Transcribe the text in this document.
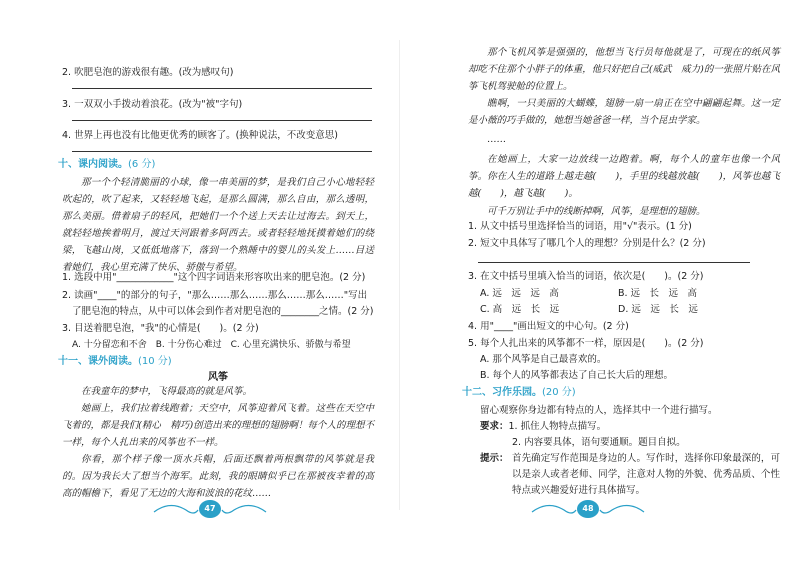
2. 吹肥皂泡的游戏很有趣。(改为感叹句)
3. 一双双小手拨动着浪花。(改为"被"字句)
4. 世界上再也没有比他更优秀的顾客了。(换种说法，不改变意思)
十、课内阅读。(6 分)
那一个个轻清脆丽的小球，像一串美丽的梦，是我们自己小心地轻轻吹起的，吹了起来，又轻轻地飞起，是那么圆满，那么自由，那么透明，那么美丽。借着扇子的轻风，把她们一个个送上天去让过海去。到天上，就轻轻地挨着明月，渡过天河跟着多阿西去。或者轻轻地抚摸着她们的绕梁，飞越山岗，又低低地落下，落到一个熟睡中的婴儿的头发上……目送着她们，我心里充满了快乐、骄傲与希望。
1. 选段中用"____________"这个四字词语来形容吹出来的肥皂泡。(2 分)
2. 读画"____"的部分的句子，"那么……那么……那么……那么……"写出
了肥皂泡的特点，从中可以体会到作者对肥皂泡的________之情。(2 分)
3. 目送着肥皂泡，"我"的心情是(　　)。(2 分)
A. 十分留恋和不舍　B. 十分伤心难过　C. 心里充满快乐、骄傲与希望
十一、课外阅读。(10 分)
风筝
在我童年的梦中，飞得最高的就是风筝。
她画上，我们拉着线跑着；天空中，风筝迎着风飞着。这些在天空中飞着的，都是我们(精心　精巧)创造出来的理想的翅膀啊！每个人的理想不一样，每个人扎出来的风筝也不一样。
你看，那个样子像一顶水兵帽，后面还飘着两根飘带的风筝就是我的。因为我长大了想当个海军。此刻，我的眼睛似乎已在那被夜幸着的高高的帽檐下，看见了无边的大海和波浪的花纹……
47
那个飞机风筝是强强的，他想当飞行员每他就是了，可现在的纸风筝却吃不住那个小胖子的体重，他只好把自己(威武　威力)的一张照片贴在风筝飞机驾驶舱的位置上。
瞧啊，一只美丽的大蝴蝶，翅膀一扇一扇正在空中翩翩起舞。这一定是小薇的巧手做的，她想当她爸爸一样，当个昆虫学家。
……
在她画上，大家一边放线一边跑着。啊，每个人的童年也像一个风筝。你在人生的道路上越走越(　　)，手里的线越放越(　　)，风筝也越飞越(　　)，越飞越(　　)。
可千万别让手中的线断掉啊，风筝，是理想的翅膀。
1. 从文中括号里选择恰当的词语，用"√"表示。(1 分)
2. 短文中具体写了哪几个人的理想？分别是什么？(2 分)
3. 在文中括号里填入恰当的词语，依次是(　　)。(2 分)
A. 远　远　远　高	B. 远　长　远　高
C. 高　远　长　远	D. 远　远　长　远
4. 用"____"画出短文的中心句。(2 分)
5. 每个人扎出来的风筝都不一样，原因是(　　)。(2 分)
A. 那个风筝是自己最喜欢的。
B. 每个人的风筝都表达了自己长大后的理想。
十二、习作乐园。(20 分)
留心观察你身边都有特点的人，选择其中一个进行描写。
要求：1. 抓住人物特点描写。
2. 内容要具体，语句要通顺。题目自拟。
提示： 首先确定写作范围是身边的人。写作时，选择你印象最深的，可以是亲人或者老师、同学，注意对人物的外貌、优秀品质、个性特点或兴趣爱好进行具体描写。
48
